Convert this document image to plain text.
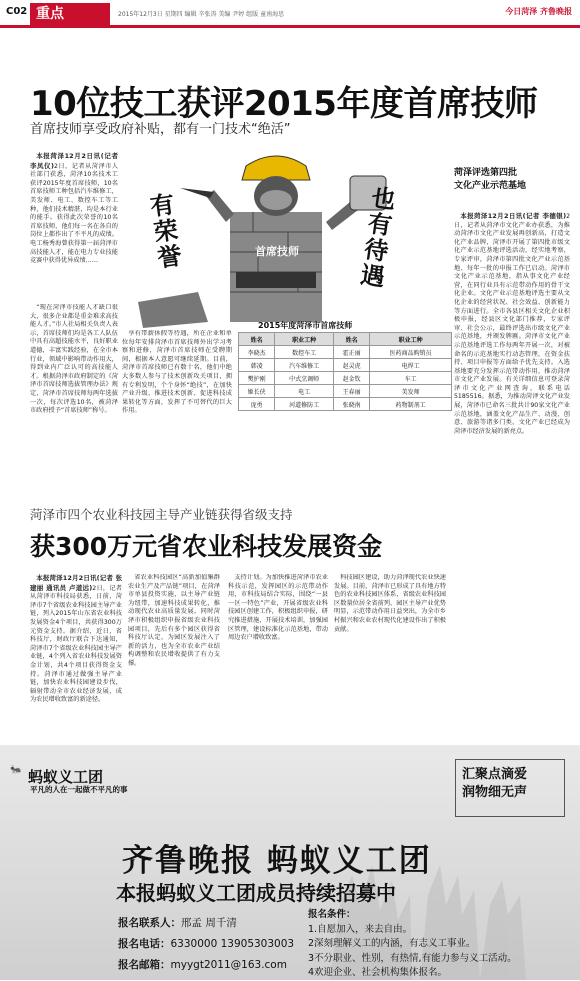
C02 重点	2015年12月3日 星期四 编辑 辛张涛 美编 尹婷 组版 童南海思	今日菏泽 齐鲁晚报
10位技工获评2015年度首席技师
首席技师享受政府补贴，都有一门技术“绝活”

本报菏泽12月2日讯(记者 李凤仪)2日，记者从菏泽市人社部门获悉，菏泽10名技术工获评2015年度首席技师，10名首席技师工种包括汽车维修工，美发师、电工、数控车工等工种，他们技术精湛，均是本行业的能手。获得此次荣誉的10名首席技师，他们每一名在各自的岗位上都作出了不平凡的成绩。电工杨秀海曾获得第一届菏泽市高技能人才，能在电力专业技能竞赛中获得优异成绩……

“现在菏泽市技能人才缺口很大，很多企业都是重金难求高技能人才。”市人社局相关负责人表示，首席技师们均是各工人队伍中具有高超技能水平，良好职业道德，丰富实践经验，在全市本行业，领域中影响带动作用大，得到业内广泛认可的高技能人才。根据菏泽市政府制定的《菏泽市首席技师选拔管理办法》规定，菏泽市首席技师每两年选拔一次，每次评选10名，被菏泽市政府授予“首席技师”称号。

享有带薪休假等待遇，所在企业和单位每年安排菏泽市首席技师外出学习考察和进修，菏泽市首席技师在受聘期间，根据本人意愿可继续延期。目前，菏泽市首席技师已有数十名，他们中绝大多数人参与了技术创新攻关项目，拥有专利发明，个个身怀“绝技”，在加快产业升级、推进技术创新、促进科技成果转化等方面，发挥了不可替代的巨大作用。

有荣誉
也有待遇
首席技师
2015年度菏泽市首席技师
姓名	职业工种	姓名	职业工种
李晓杰	数控车工	霍正丽	医药商品购销员
韩凌	汽车维修工	赵灵虎	电焊工
樊护刚	中式烹调师	赵金钦	车工
姬长侠	电工	王春丽	美发师
庞勇	河道修防工	张晓南	药物制剂工
菏泽评选第四批
文化产业示范基地

本报菏泽12月2日讯(记者 李德银)2日，记者从菏泽市文化产业办获悉，为推动菏泽市文化产业发展再创新高，打造文化产业品牌，菏泽市开展了第四批市级文化产业示范基地评选活动，经实地考察，专家评审，菏泽市第四批文化产业示范基地、每年一批的申报工作已启动。菏泽市文化产业示范基地，指从事文化产业经营，在同行业具有示范带动作用的骨干文化企业。文化产业示范基地评选主要从文化企业的经营状况、社会效益、创新能力等方面进行。全市各县区相关文化企业积极申报，经县区文化部门推荐，专家评审、社会公示，最终评选出市级文化产业示范基地，并颁发牌匾。菏泽市文化产业示范基地评选工作每两年开展一次，对被命名的示范基地实行动态管理，在资金扶持、项目申报等方面给予优先支持。入选基地要充分发挥示范带动作用，推动菏泽市文化产业发展。有关详细信息可登录菏泽市文化产业网查询，联系电话5185516。据悉，为推动菏泽文化产业发展，菏泽市已命名三批共计90家文化产业示范基地，涵盖文化产品生产、动漫、创意、旅游等诸多门类，文化产业已经成为菏泽市经济发展的新亮点。

菏泽市四个农业科技园主导产业链获得省级支持
获300万元省农业科技发展资金

本报菏泽12月2日讯(记者 张建丽 通讯员 卢道远)2日，记者从菏泽市科技局获悉，日前，菏泽市7个省级农业科技园主导产业链，列入2015年山东省农业科技发展资金4个项目，共获得300万元资金支持。据介绍，近日，省科技厅，财政厅联合下达通知，菏泽市7个省级农业科技园主导产业链，4个列入省农业科技发展资金计划，共4个项目获得资金支持。菏泽市通过做强主导产业链，加快农业科技园建设步伐，辐射带动全市农业经济发展，成为农民增收致富的新途径。

省农业科技园区“高新加值集群农业生产及产品链”项目，在菏泽市单县投资实施，以主导产业链为纽带，加速科技成果转化，推动现代农业高质量发展。同时菏泽市积极组织申报省级农业科技园项目，先后有多个园区获得省科技厅认定，为园区发展注入了新的活力，也为全市农业产业结构调整和农民增收提供了有力支撑。

支持计划。为加快推进菏泽市农业科技示范，发挥园区的示范带动作用，市科技局结合实际，围绕“一县一区一特色”产业，开展省级农业科技园区创建工作，积极组织申报，研究推进措施，开展技术培训，加强园区管理，建设标准化示范基地，带动周边农户增收致富。

科技园区建设，助力菏泽现代农业快速发展。目前，菏泽市已形成了具有地方特色的农业科技园区体系，省级农业科技园区数量位居全省前列，园区主导产业优势明显，示范带动作用日益突出，为全市乡村振兴和农业农村现代化建设作出了积极贡献。

🐜 蚂蚁义工团
平凡的人在一起做不平凡的事
汇聚点滴爱
润物细无声
齐鲁晚报 蚂蚁义工团
本报蚂蚁义工团成员持续招募中
报名联系人：邢孟 周千清
报名电话：6330000 13905303003
报名邮箱：myygt2011@163.com
报名条件：
1.自愿加入，来去自由。
2深刻理解义工的内涵，有志义工事业。
3不分职业、性别，有热情,有能力参与义工活动。
4欢迎企业、社会机构集体报名。
